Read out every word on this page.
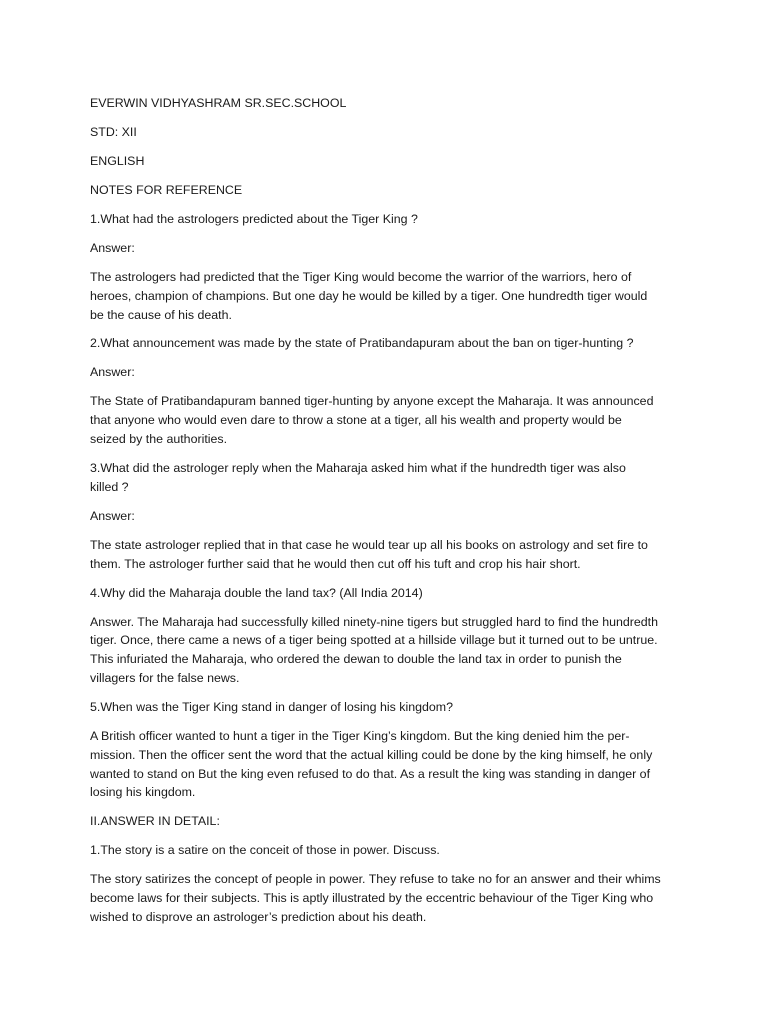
EVERWIN VIDHYASHRAM SR.SEC.SCHOOL
STD: XII
ENGLISH
NOTES FOR REFERENCE
1.What had the astrologers predicted about the Tiger King ?
Answer:
The astrologers had predicted that the Tiger King would become the warrior of the warriors, hero of
heroes, champion of champions. But one day he would be killed by a tiger. One hundredth tiger would
be the cause of his death.
2.What announcement was made by the state of Pratibandapuram about the ban on tiger-hunting ?
Answer:
The State of Pratibandapuram banned tiger-hunting by anyone except the Maharaja. It was announced
that anyone who would even dare to throw a stone at a tiger, all his wealth and property would be
seized by the authorities.
3.What did the astrologer reply when the Maharaja asked him what if the hundredth tiger was also
killed ?
Answer:
The state astrologer replied that in that case he would tear up all his books on astrology and set fire to
them. The astrologer further said that he would then cut off his tuft and crop his hair short.
4.Why did the Maharaja double the land tax? (All India 2014)
Answer. The Maharaja had successfully killed ninety-nine tigers but struggled hard to find the hundredth
tiger. Once, there came a news of a tiger being spotted at a hillside village but it turned out to be untrue.
This infuriated the Maharaja, who ordered the dewan to double the land tax in order to punish the
villagers for the false news.
5.When was the Tiger King stand in danger of losing his kingdom?
A British officer wanted to hunt a tiger in the Tiger King’s kingdom. But the king denied him the per-
mission. Then the officer sent the word that the actual killing could be done by the king himself, he only
wanted to stand on But the king even refused to do that. As a result the king was standing in danger of
losing his kingdom.
II.ANSWER IN DETAIL:
1.The story is a satire on the conceit of those in power. Discuss.
The story satirizes the concept of people in power. They refuse to take no for an answer and their whims
become laws for their subjects. This is aptly illustrated by the eccentric behaviour of the Tiger King who
wished to disprove an astrologer’s prediction about his death.
